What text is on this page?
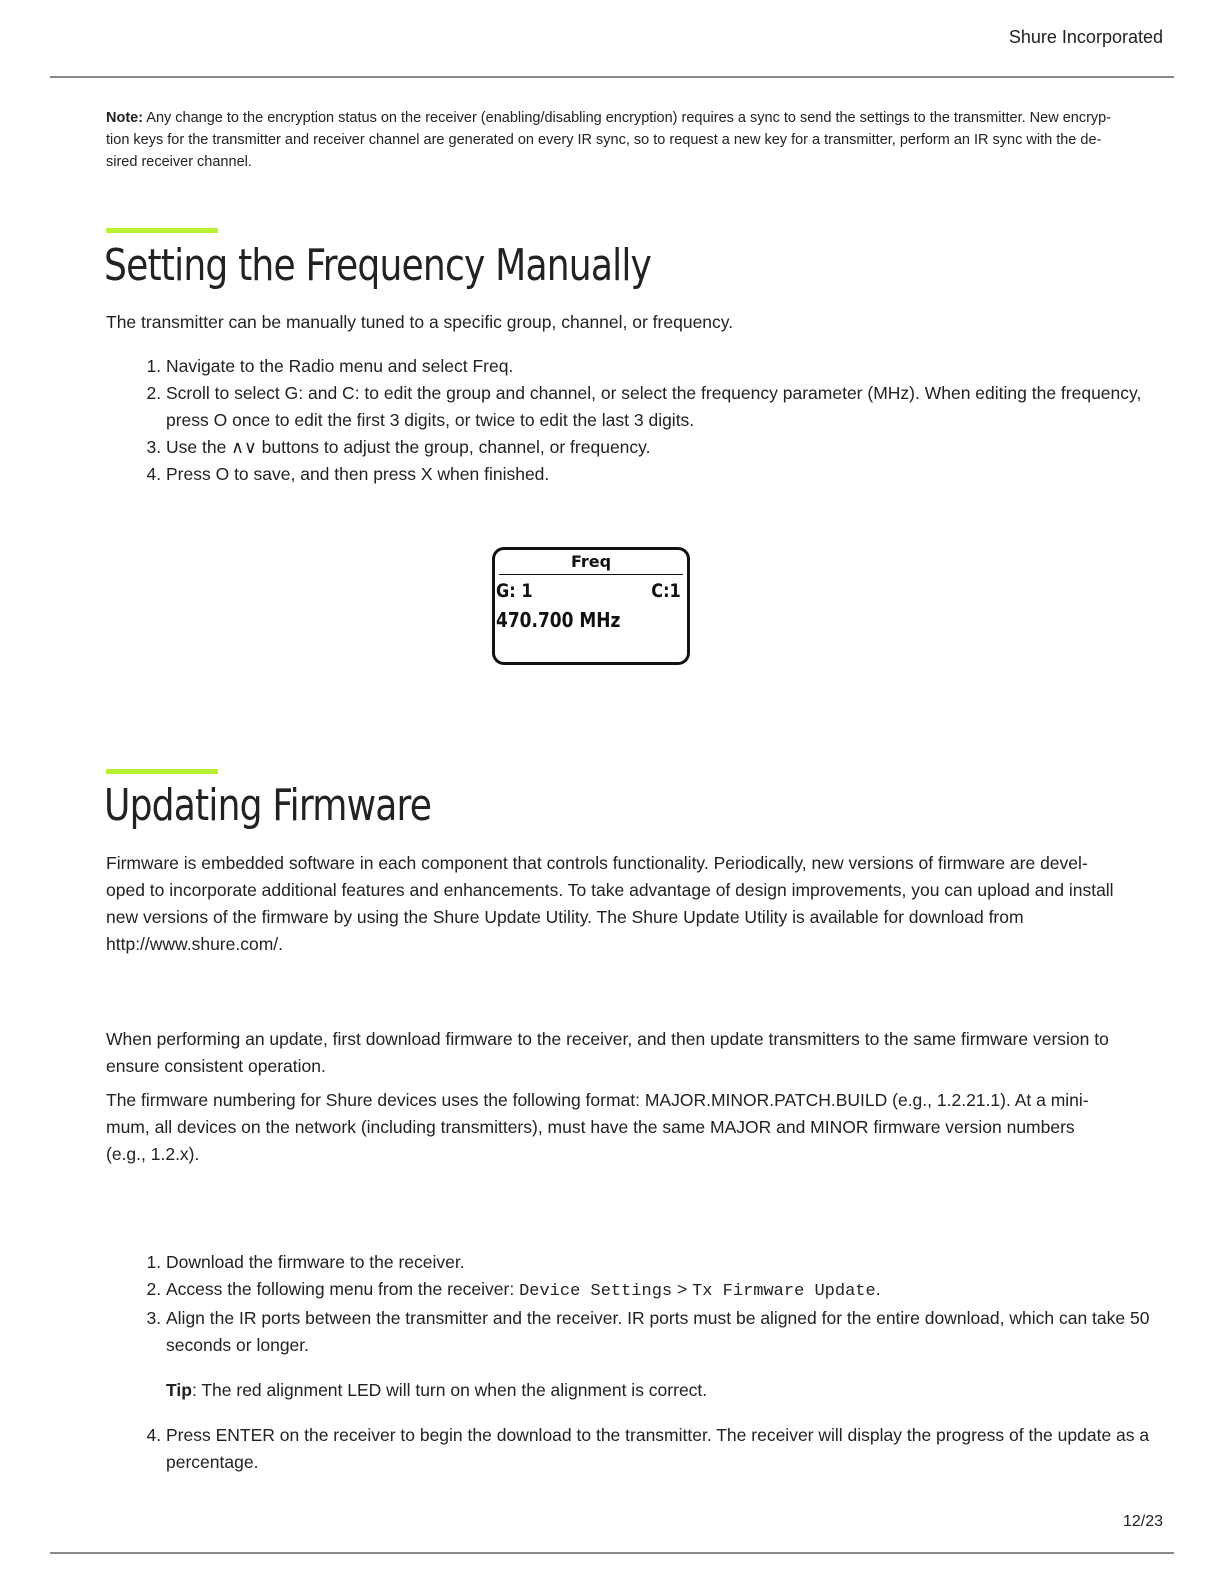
Shure Incorporated
Note: Any change to the encryption status on the receiver (enabling/disabling encryption) requires a sync to send the settings to the transmitter. New encryption keys for the transmitter and receiver channel are generated on every IR sync, so to request a new key for a transmitter, perform an IR sync with the desired receiver channel.
Setting the Frequency Manually

The transmitter can be manually tuned to a specific group, channel, or frequency.

1. Navigate to the Radio menu and select Freq.
2. Scroll to select G: and C: to edit the group and channel, or select the frequency parameter (MHz). When editing the frequency, press O once to edit the first 3 digits, or twice to edit the last 3 digits.
3. Use the ∧∨ buttons to adjust the group, channel, or frequency.
4. Press O to save, and then press X when finished.
Freq
G: 1	C:1
470.700 MHz
Updating Firmware

Firmware is embedded software in each component that controls functionality. Periodically, new versions of firmware are developed to incorporate additional features and enhancements. To take advantage of design improvements, you can upload and install new versions of the firmware by using the Shure Update Utility. The Shure Update Utility is available for download from http://www.shure.com/.

When performing an update, first download firmware to the receiver, and then update transmitters to the same firmware version to ensure consistent operation.

The firmware numbering for Shure devices uses the following format: MAJOR.MINOR.PATCH.BUILD (e.g., 1.2.21.1). At a minimum, all devices on the network (including transmitters), must have the same MAJOR and MINOR firmware version numbers (e.g., 1.2.x).

1. Download the firmware to the receiver.
2. Access the following menu from the receiver: Device Settings > Tx Firmware Update.
3. Align the IR ports between the transmitter and the receiver. IR ports must be aligned for the entire download, which can take 50 seconds or longer.
Tip: The red alignment LED will turn on when the alignment is correct.
4. Press ENTER on the receiver to begin the download to the transmitter. The receiver will display the progress of the update as a percentage.
12/23
